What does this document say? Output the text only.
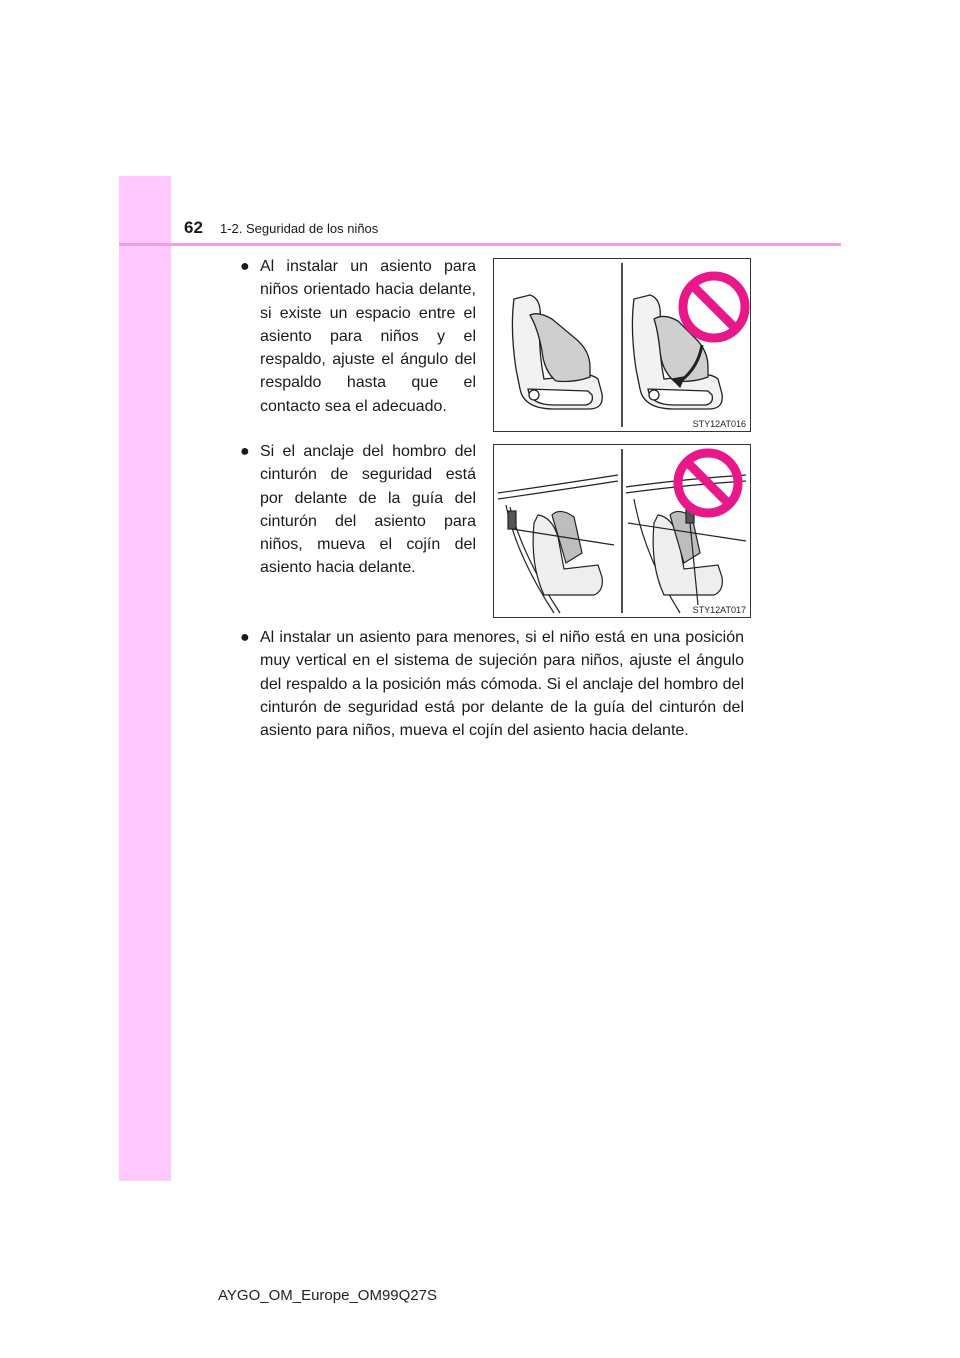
62 1-2. Seguridad de los niños
● Al instalar un asiento para niños orientado hacia delante, si existe un espacio entre el asiento para niños y el respaldo, ajuste el ángulo del respaldo hasta que el contacto sea el adecuado.
STY12AT016
● Si el anclaje del hombro del cinturón de seguridad está por delante de la guía del cinturón del asiento para niños, mueva el cojín del asiento hacia delante.
STY12AT017
● Al instalar un asiento para menores, si el niño está en una posición muy vertical en el sistema de sujeción para niños, ajuste el ángulo del respaldo a la posición más cómoda. Si el anclaje del hombro del cinturón de seguridad está por delante de la guía del cinturón del asiento para niños, mueva el cojín del asiento hacia delante.
AYGO_OM_Europe_OM99Q27S
